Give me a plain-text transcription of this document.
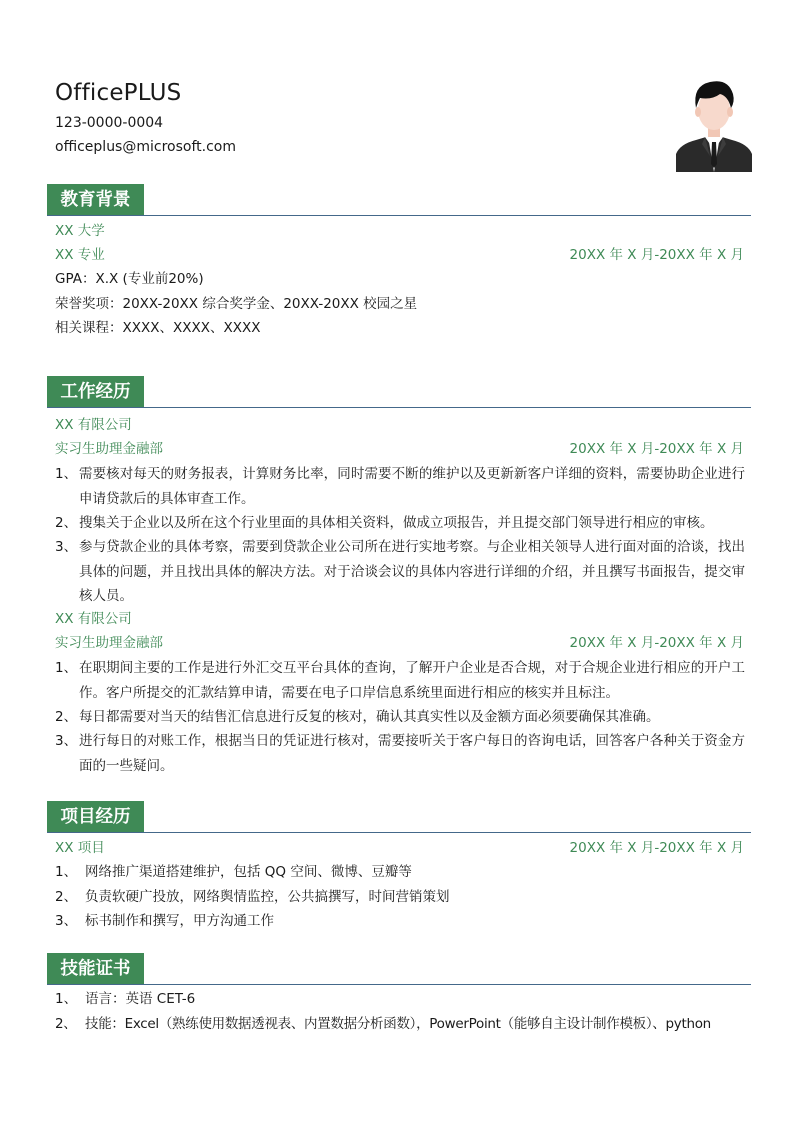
OfficePLUS
123-0000-0004
officeplus@microsoft.com
教育背景
XX 大学
XX 专业	20XX 年 X 月-20XX 年 X 月
GPA：X.X (专业前20%)
荣誉奖项：20XX-20XX 综合奖学金、20XX-20XX 校园之星
相关课程：XXXX、XXXX、XXXX
工作经历
XX 有限公司
实习生助理金融部	20XX 年 X 月-20XX 年 X 月
1、 需要核对每天的财务报表，计算财务比率，同时需要不断的维护以及更新新客户详细的资料，需要协助企业进行申请贷款后的具体审查工作。
2、 搜集关于企业以及所在这个行业里面的具体相关资料，做成立项报告，并且提交部门领导进行相应的审核。
3、 参与贷款企业的具体考察，需要到贷款企业公司所在进行实地考察。与企业相关领导人进行面对面的洽谈，找出具体的问题，并且找出具体的解决方法。对于洽谈会议的具体内容进行详细的介绍，并且撰写书面报告，提交审核人员。
XX 有限公司
实习生助理金融部	20XX 年 X 月-20XX 年 X 月
1、 在职期间主要的工作是进行外汇交互平台具体的查询，了解开户企业是否合规，对于合规企业进行相应的开户工作。客户所提交的汇款结算申请，需要在电子口岸信息系统里面进行相应的核实并且标注。
2、 每日都需要对当天的结售汇信息进行反复的核对，确认其真实性以及金额方面必须要确保其准确。
3、 进行每日的对账工作，根据当日的凭证进行核对，需要接听关于客户每日的咨询电话，回答客户各种关于资金方面的一些疑问。
项目经历
XX 项目	20XX 年 X 月-20XX 年 X 月
1、 网络推广渠道搭建维护，包括 QQ 空间、微博、豆瓣等
2、 负责软硬广投放，网络舆情监控，公共搞撰写，时间营销策划
3、 标书制作和撰写，甲方沟通工作
技能证书
1、 语言：英语 CET-6
2、 技能：Excel（熟练使用数据透视表、内置数据分析函数），PowerPoint（能够自主设计制作模板）、python
